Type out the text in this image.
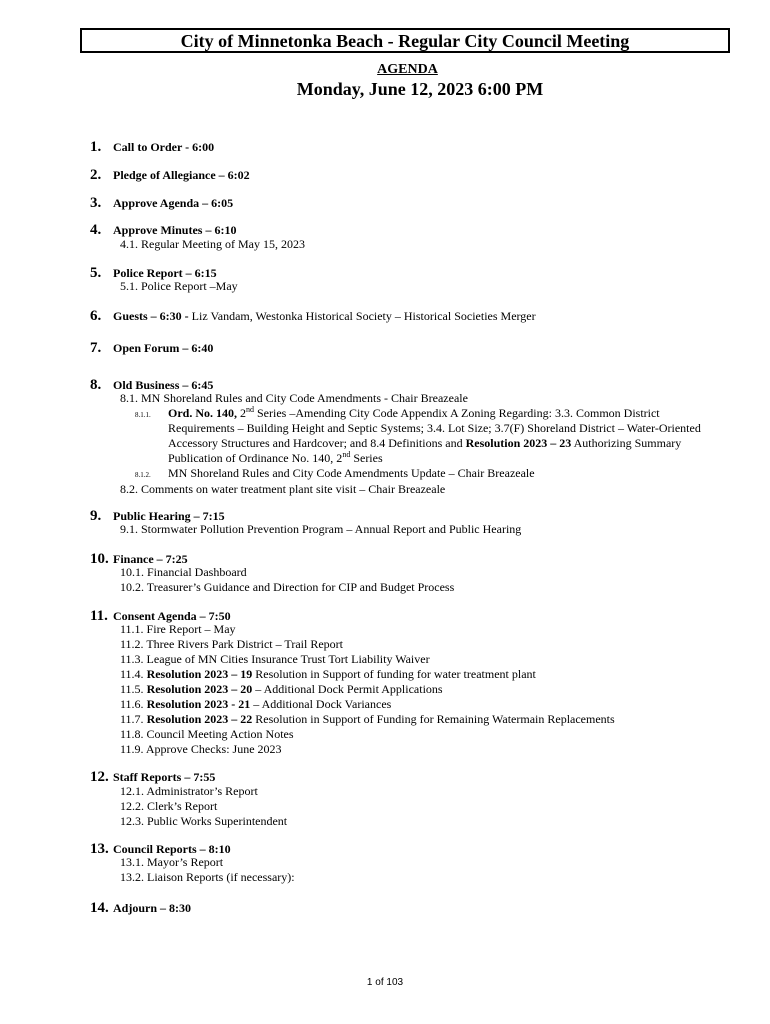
City of Minnetonka Beach - Regular City Council Meeting
AGENDA
Monday, June 12, 2023 6:00 PM
1. Call to Order - 6:00
2. Pledge of Allegiance – 6:02
3. Approve Agenda – 6:05
4. Approve Minutes – 6:10
4.1. Regular Meeting of May 15, 2023
5. Police Report – 6:15
5.1. Police Report –May
6. Guests – 6:30 - Liz Vandam, Westonka Historical Society – Historical Societies Merger
7. Open Forum – 6:40
8. Old Business – 6:45
8.1. MN Shoreland Rules and City Code Amendments - Chair Breazeale
8.1.1. Ord. No. 140, 2nd Series –Amending City Code Appendix A Zoning Regarding: 3.3. Common District Requirements – Building Height and Septic Systems; 3.4. Lot Size; 3.7(F) Shoreland District – Water-Oriented Accessory Structures and Hardcover; and 8.4 Definitions and Resolution 2023 – 23 Authorizing Summary Publication of Ordinance No. 140, 2nd Series
8.1.2. MN Shoreland Rules and City Code Amendments Update – Chair Breazeale
8.2. Comments on water treatment plant site visit – Chair Breazeale
9. Public Hearing – 7:15
9.1. Stormwater Pollution Prevention Program – Annual Report and Public Hearing
10. Finance – 7:25
10.1. Financial Dashboard
10.2. Treasurer’s Guidance and Direction for CIP and Budget Process
11. Consent Agenda – 7:50
11.1. Fire Report – May
11.2. Three Rivers Park District – Trail Report
11.3. League of MN Cities Insurance Trust Tort Liability Waiver
11.4. Resolution 2023 – 19 Resolution in Support of funding for water treatment plant
11.5. Resolution 2023 – 20 – Additional Dock Permit Applications
11.6. Resolution 2023 - 21 – Additional Dock Variances
11.7. Resolution 2023 – 22 Resolution in Support of Funding for Remaining Watermain Replacements
11.8. Council Meeting Action Notes
11.9. Approve Checks: June 2023
12. Staff Reports – 7:55
12.1. Administrator’s Report
12.2. Clerk’s Report
12.3. Public Works Superintendent
13. Council Reports – 8:10
13.1. Mayor’s Report
13.2. Liaison Reports (if necessary):
14. Adjourn – 8:30
1 of 103
